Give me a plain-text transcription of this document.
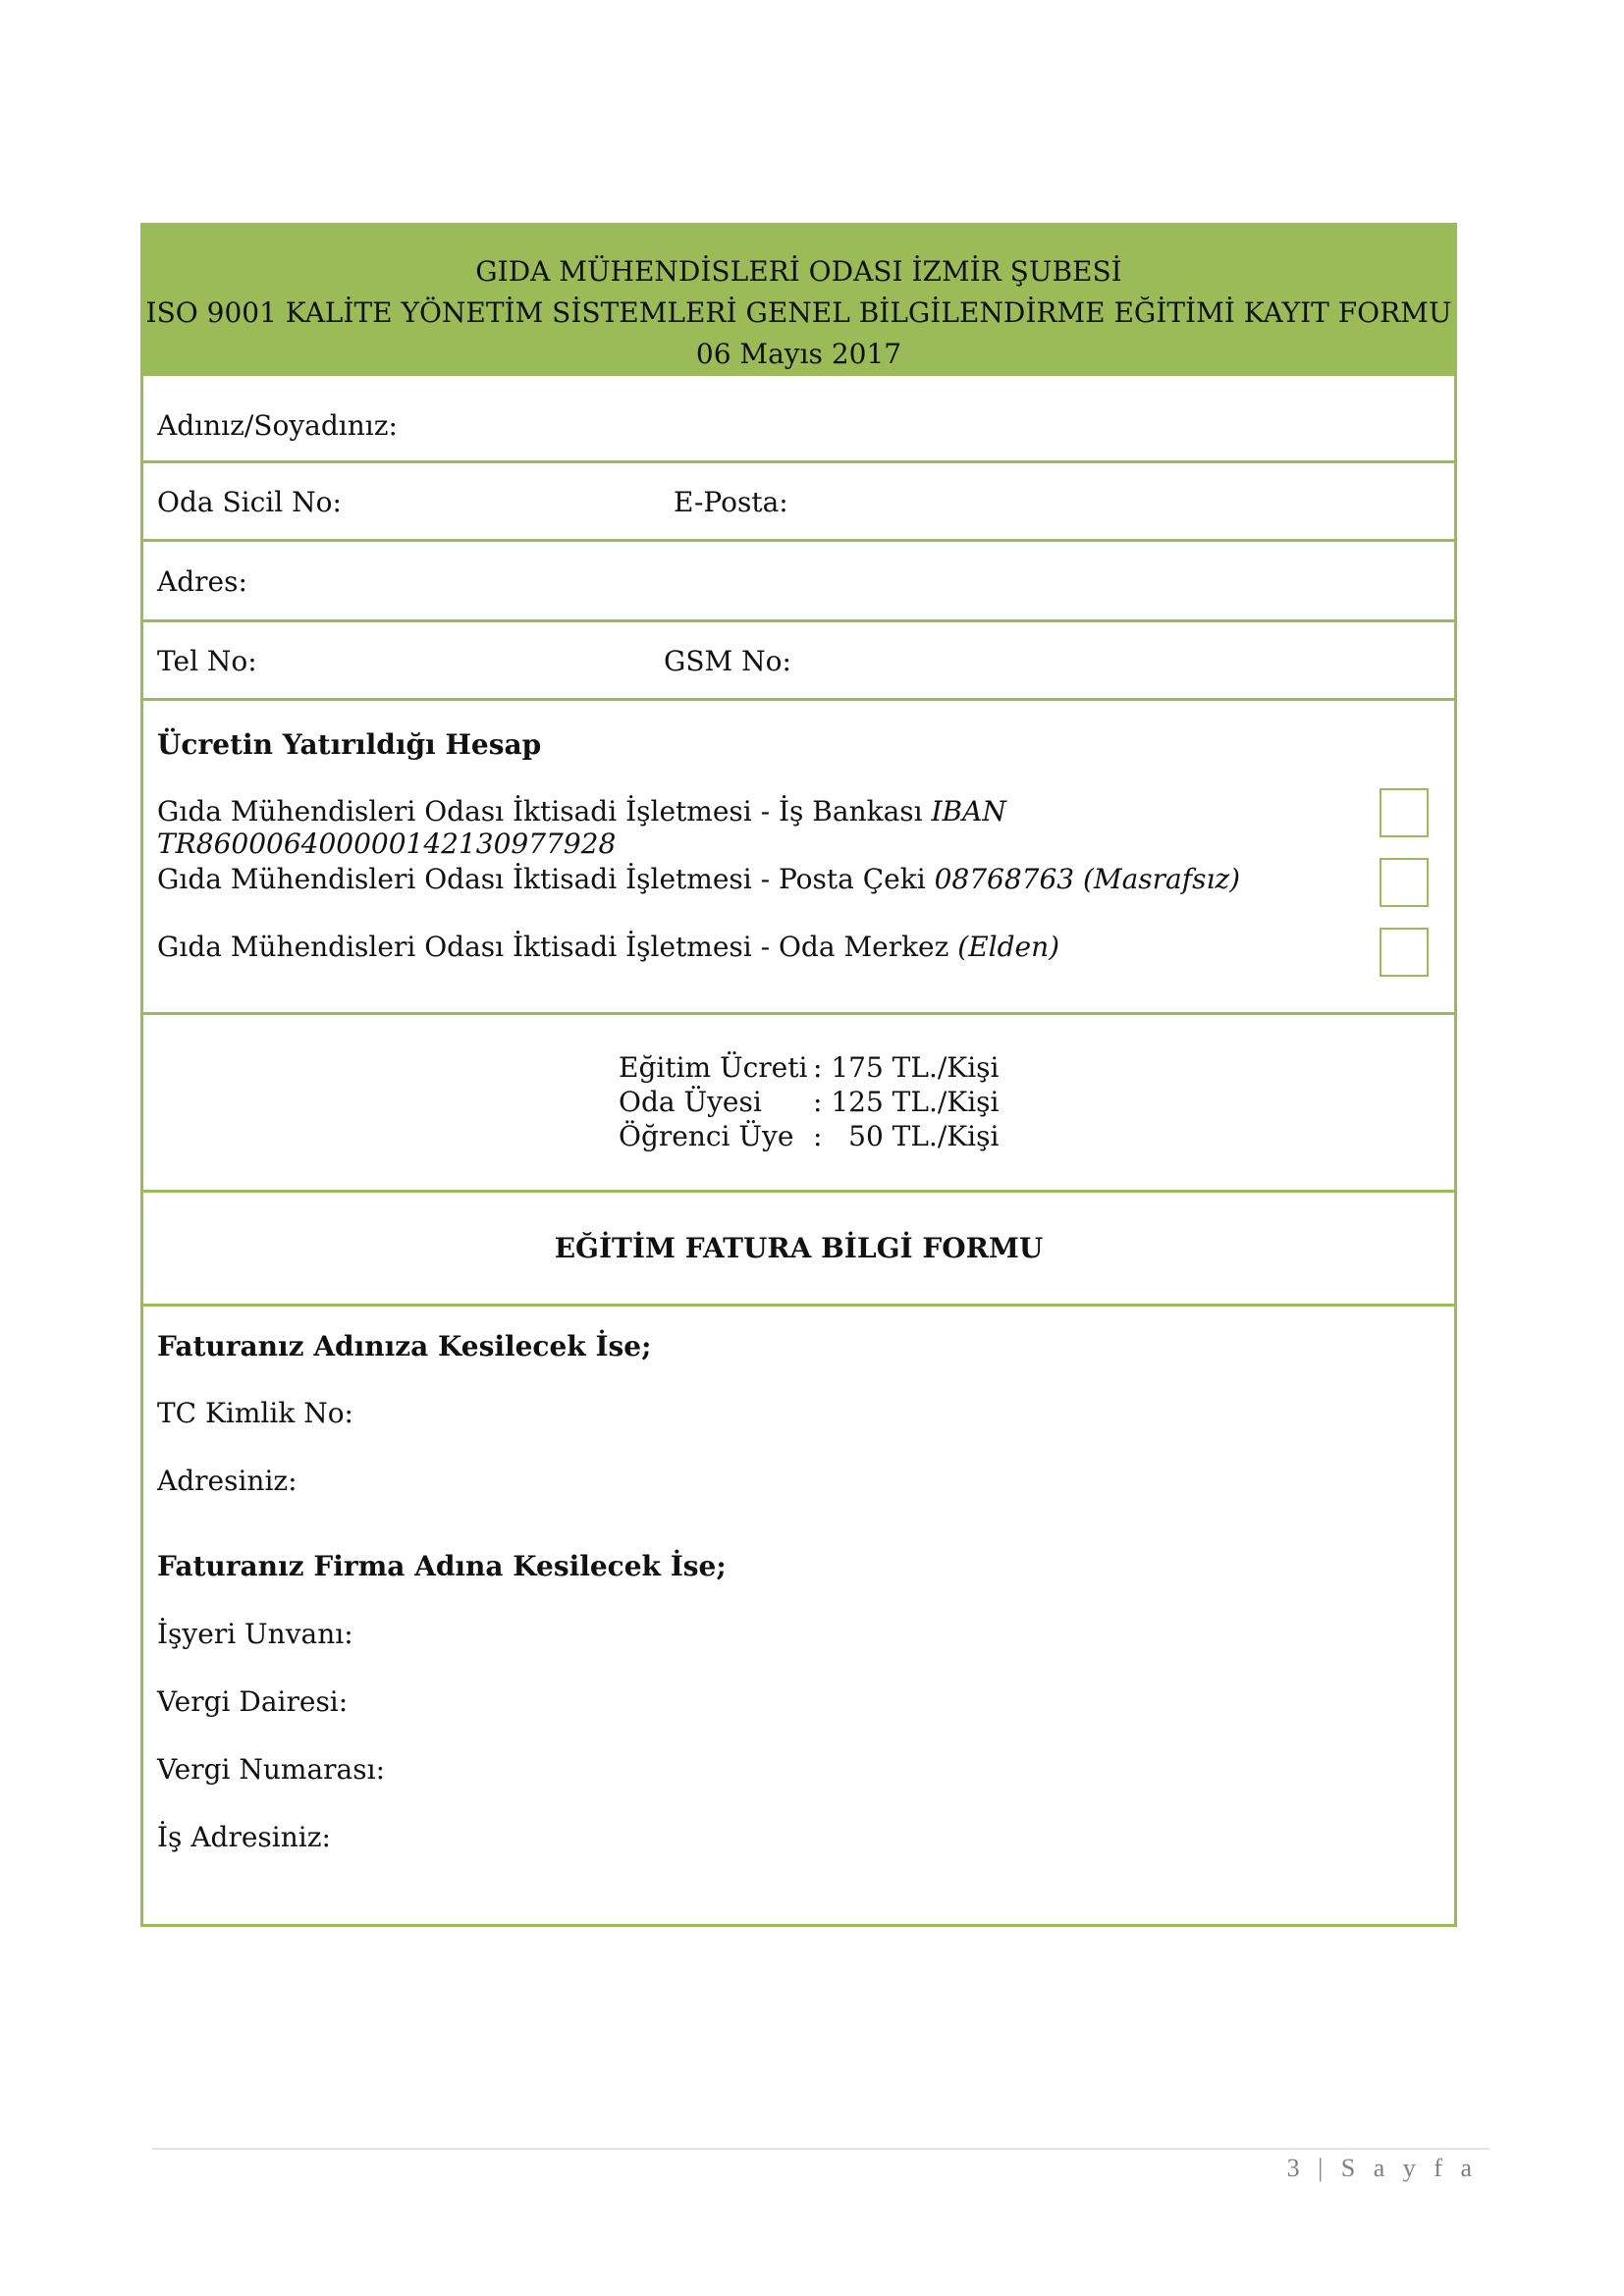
GIDA MÜHENDİSLERİ ODASI İZMİR ŞUBESİ
ISO 9001 KALİTE YÖNETİM SİSTEMLERİ GENEL BİLGİLENDİRME EĞİTİMİ KAYIT FORMU
06 Mayıs 2017
Adınız/Soyadınız:
Oda Sicil No:	E-Posta:
Adres:
Tel No:	GSM No:
Ücretin Yatırıldığı Hesap
Gıda Mühendisleri Odası İktisadi İşletmesi - İş Bankası IBAN TR860006400000142130977928
Gıda Mühendisleri Odası İktisadi İşletmesi - Posta Çeki 08768763 (Masrafsız)
Gıda Mühendisleri Odası İktisadi İşletmesi - Oda Merkez (Elden)
Eğitim Ücreti : 175 TL./Kişi
Oda Üyesi	: 125 TL./Kişi
Öğrenci Üye :   50 TL./Kişi
EĞİTİM FATURA BİLGİ FORMU
Faturanız Adınıza Kesilecek İse;
TC Kimlik No:
Adresiniz:
Faturanız Firma Adına Kesilecek İse;
İşyeri Unvanı:
Vergi Dairesi:
Vergi Numarası:
İş Adresiniz:
3 | S a y f a
